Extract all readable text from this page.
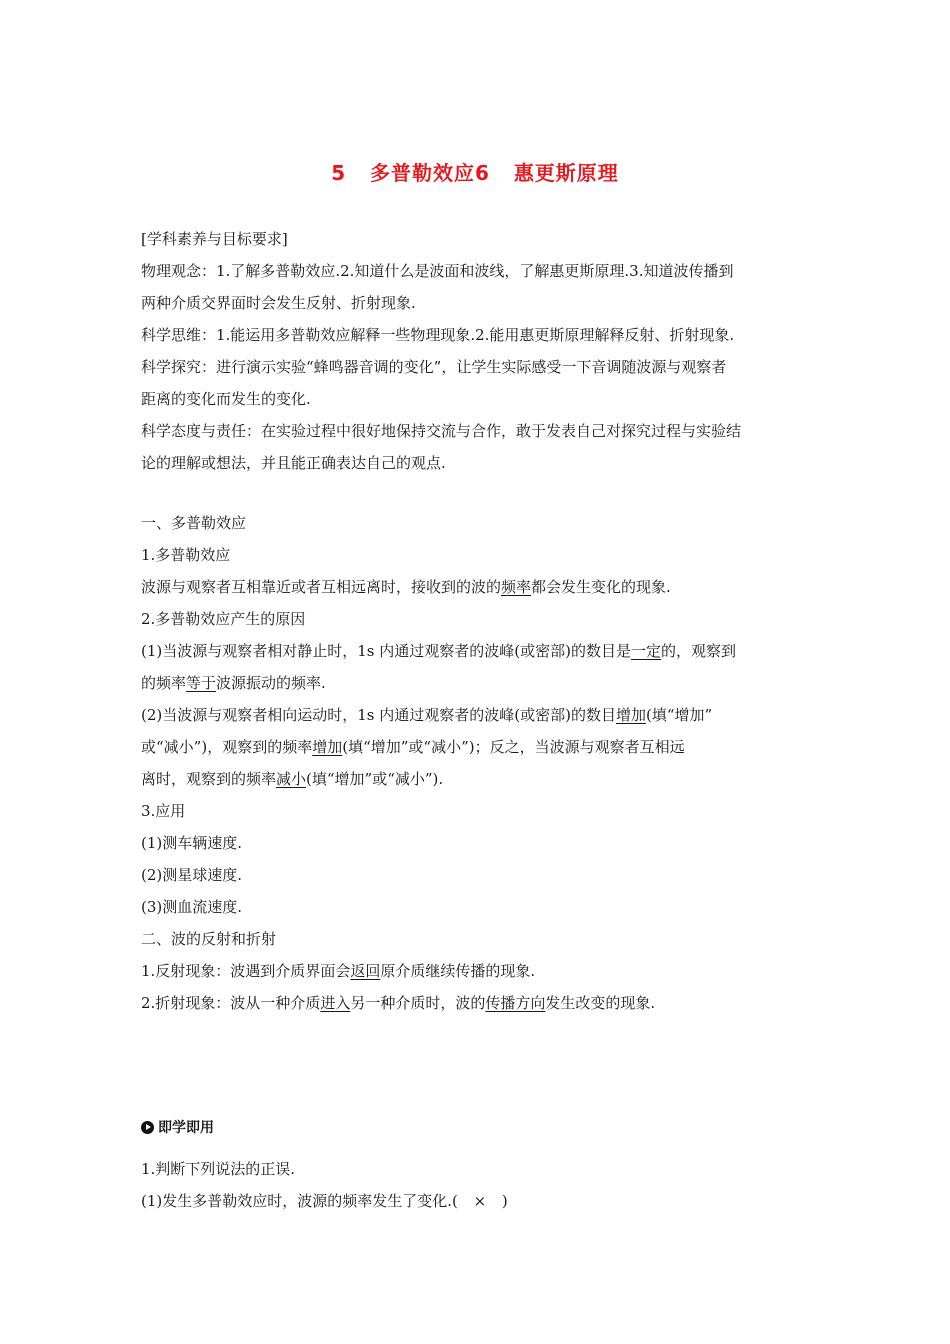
5 多普勒效应6 惠更斯原理
[学科素养与目标要求]
物理观念：1.了解多普勒效应.2.知道什么是波面和波线，了解惠更斯原理.3.知道波传播到
两种介质交界面时会发生反射、折射现象.
科学思维：1.能运用多普勒效应解释一些物理现象.2.能用惠更斯原理解释反射、折射现象.
科学探究：进行演示实验“蜂鸣器音调的变化”，让学生实际感受一下音调随波源与观察者
距离的变化而发生的变化.
科学态度与责任：在实验过程中很好地保持交流与合作，敢于发表自己对探究过程与实验结
论的理解或想法，并且能正确表达自己的观点.
一、多普勒效应
1.多普勒效应
波源与观察者互相靠近或者互相远离时，接收到的波的频率都会发生变化的现象.
2.多普勒效应产生的原因
(1)当波源与观察者相对静止时，1s 内通过观察者的波峰(或密部)的数目是一定的，观察到
的频率等于波源振动的频率.
(2)当波源与观察者相向运动时，1s 内通过观察者的波峰(或密部)的数目增加(填“增加”
或“减小”)，观察到的频率增加(填“增加”或“减小”)；反之，当波源与观察者互相远
离时，观察到的频率减小(填“增加”或“减小”).
3.应用
(1)测车辆速度.
(2)测星球速度.
(3)测血流速度.
二、波的反射和折射
1.反射现象：波遇到介质界面会返回原介质继续传播的现象.
2.折射现象：波从一种介质进入另一种介质时，波的传播方向发生改变的现象.
即学即用
1.判断下列说法的正误.
(1)发生多普勒效应时，波源的频率发生了变化.( × )
